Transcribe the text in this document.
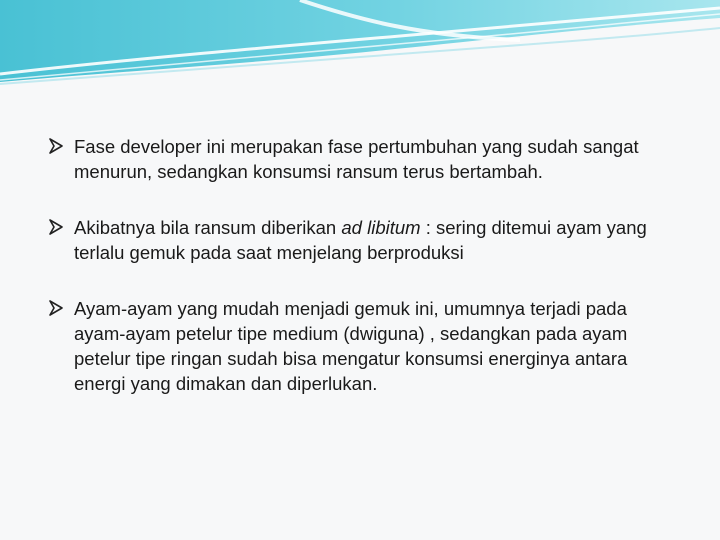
Fase developer ini merupakan fase pertumbuhan yang sudah sangat
menurun, sedangkan konsumsi ransum terus bertambah.
Akibatnya bila ransum diberikan ad libitum : sering ditemui ayam yang
terlalu gemuk pada saat menjelang berproduksi
Ayam-ayam yang mudah menjadi gemuk ini, umumnya terjadi pada
ayam-ayam petelur tipe medium (dwiguna) , sedangkan pada ayam
petelur tipe ringan sudah bisa mengatur konsumsi energinya antara
energi yang dimakan dan diperlukan.
